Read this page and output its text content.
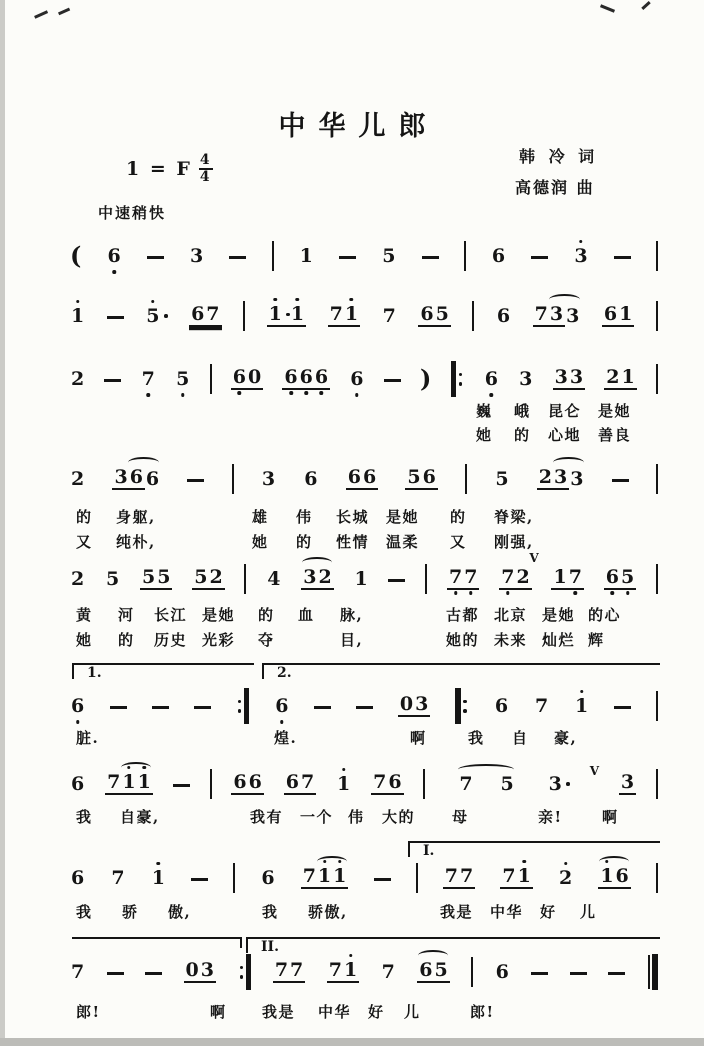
中华儿郎
韩 冷 词
高德润 曲
1 = F 4
4
中速稍快
( 6	3	1	5	6	3
1	5 6 7	1 1 7 1 7 6 5	6 7 3 3 6 1
2	7 5 6 0 6 6 6 6 )	6 3 3 3 2 1
2 3 6 6	3 6 6 6 5 6	5 2 3 3
2 5 5 5 5 2 4 3 2 1	7 7 7 2
V
1 7 6 5
6	6	0 3	6 7 1
6 7 1 1	6 6 6 7 1 7 6	7 5 3
V 3
6 7 1	6 7 1 1	7 7 7 1 2 1 6
7	0 3	7 7 7 1 7 6 5	6
巍 峨 昆仑 是她
她 的 心地 善良
的 身躯,	雄 伟 长城 是她 的 脊梁,
又 纯朴,	她 的 性情 温柔 又 刚强,
黄 河 长江 是她 的 血 脉,	古都 北京 是她 的心
她 的 历史 光彩 夺	目,	她的 未来 灿烂 辉
脏.	煌.	啊	我 自 豪,
我 自豪,	我有 一个 伟 大的 母	亲!	啊
我 骄 傲,	我 骄傲,	我是 中华 好 儿
郎!	啊 我是 中华 好 儿	郎!
1.	2.
I.
II.
